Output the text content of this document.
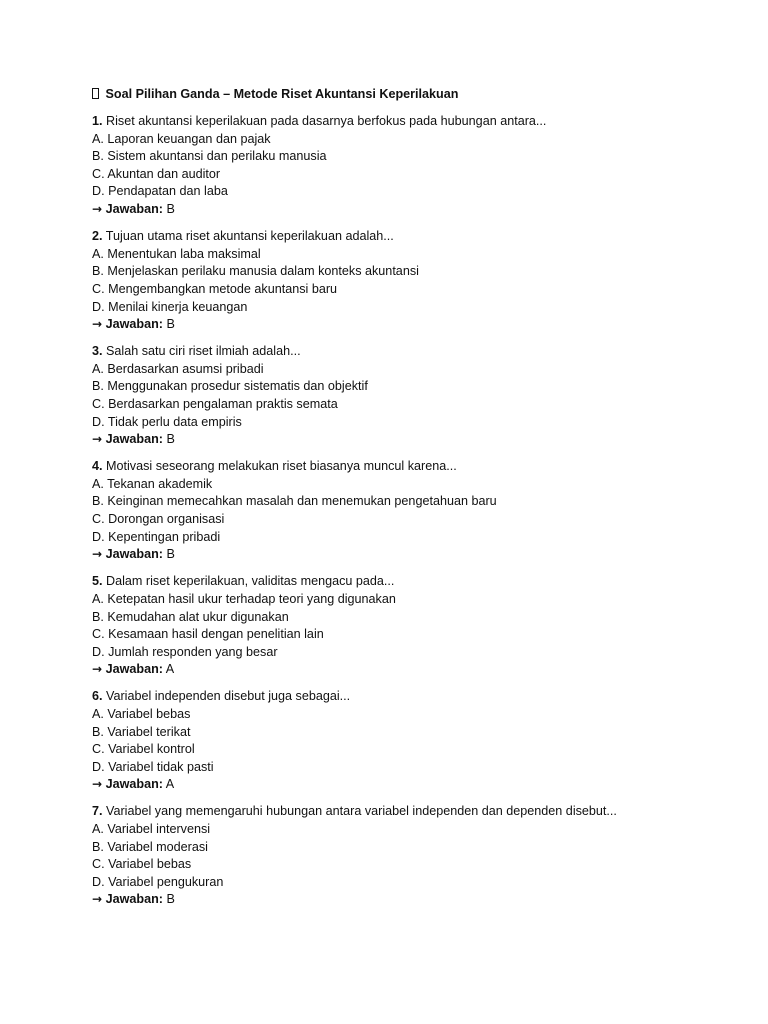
Soal Pilihan Ganda – Metode Riset Akuntansi Keperilakuan
1. Riset akuntansi keperilakuan pada dasarnya berfokus pada hubungan antara...
A. Laporan keuangan dan pajak
B. Sistem akuntansi dan perilaku manusia
C. Akuntan dan auditor
D. Pendapatan dan laba
→ Jawaban: B
2. Tujuan utama riset akuntansi keperilakuan adalah...
A. Menentukan laba maksimal
B. Menjelaskan perilaku manusia dalam konteks akuntansi
C. Mengembangkan metode akuntansi baru
D. Menilai kinerja keuangan
→ Jawaban: B
3. Salah satu ciri riset ilmiah adalah...
A. Berdasarkan asumsi pribadi
B. Menggunakan prosedur sistematis dan objektif
C. Berdasarkan pengalaman praktis semata
D. Tidak perlu data empiris
→ Jawaban: B
4. Motivasi seseorang melakukan riset biasanya muncul karena...
A. Tekanan akademik
B. Keinginan memecahkan masalah dan menemukan pengetahuan baru
C. Dorongan organisasi
D. Kepentingan pribadi
→ Jawaban: B
5. Dalam riset keperilakuan, validitas mengacu pada...
A. Ketepatan hasil ukur terhadap teori yang digunakan
B. Kemudahan alat ukur digunakan
C. Kesamaan hasil dengan penelitian lain
D. Jumlah responden yang besar
→ Jawaban: A
6. Variabel independen disebut juga sebagai...
A. Variabel bebas
B. Variabel terikat
C. Variabel kontrol
D. Variabel tidak pasti
→ Jawaban: A
7. Variabel yang memengaruhi hubungan antara variabel independen dan dependen disebut...
A. Variabel intervensi
B. Variabel moderasi
C. Variabel bebas
D. Variabel pengukuran
→ Jawaban: B
